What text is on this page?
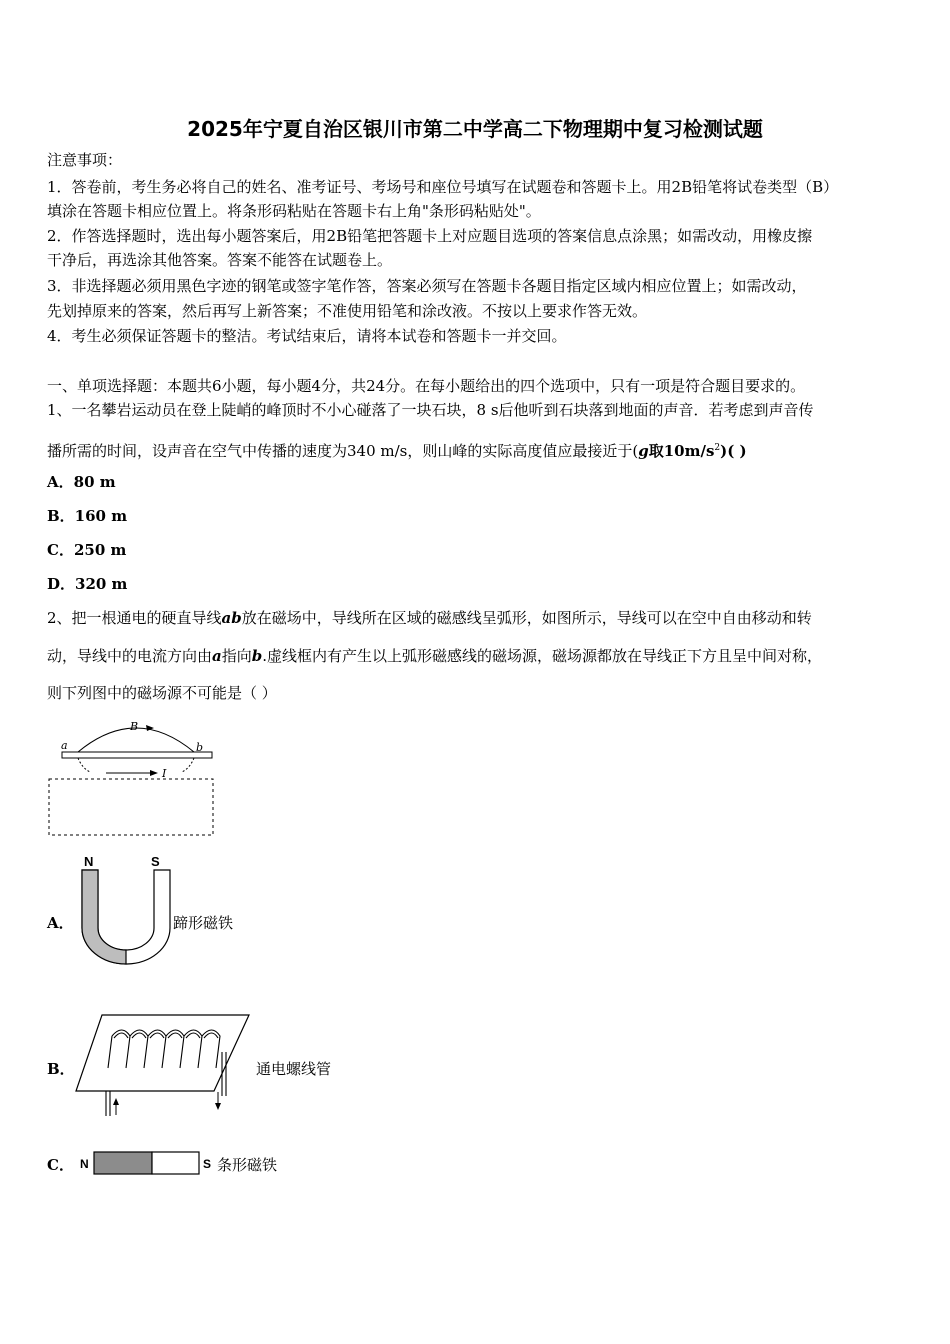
2025年宁夏自治区银川市第二中学高二下物理期中复习检测试题
注意事项：
1．答卷前，考生务必将自己的姓名、准考证号、考场号和座位号填写在试题卷和答题卡上。用2B铅笔将试卷类型（B）
填涂在答题卡相应位置上。将条形码粘贴在答题卡右上角"条形码粘贴处"。
2．作答选择题时，选出每小题答案后，用2B铅笔把答题卡上对应题目选项的答案信息点涂黑；如需改动，用橡皮擦
干净后，再选涂其他答案。答案不能答在试题卷上。
3．非选择题必须用黑色字迹的钢笔或签字笔作答，答案必须写在答题卡各题目指定区域内相应位置上；如需改动，
先划掉原来的答案，然后再写上新答案；不准使用铅笔和涂改液。不按以上要求作答无效。
4．考生必须保证答题卡的整洁。考试结束后，请将本试卷和答题卡一并交回。
一、单项选择题：本题共6小题，每小题4分，共24分。在每小题给出的四个选项中，只有一项是符合题目要求的。
1、一名攀岩运动员在登上陡峭的峰顶时不小心碰落了一块石块，8 s后他听到石块落到地面的声音．若考虑到声音传
播所需的时间，设声音在空气中传播的速度为340 m/s，则山峰的实际高度值应最接近于(g取$10m/s^2$)( )
A．80 m
B．160 m
C．250 m
D．320 m
2、把一根通电的硬直导线ab放在磁场中，导线所在区域的磁感线呈弧形，如图所示，导线可以在空中自由移动和转
动，导线中的电流方向由a指向b.虚线框内有产生以上弧形磁感线的磁场源，磁场源都放在导线正下方且呈中间对称，
则下列图中的磁场源不可能是（ ）
a	b
B
I
A．
N	S
蹄形磁铁
B．	通电螺线管
C． N	S 条形磁铁
